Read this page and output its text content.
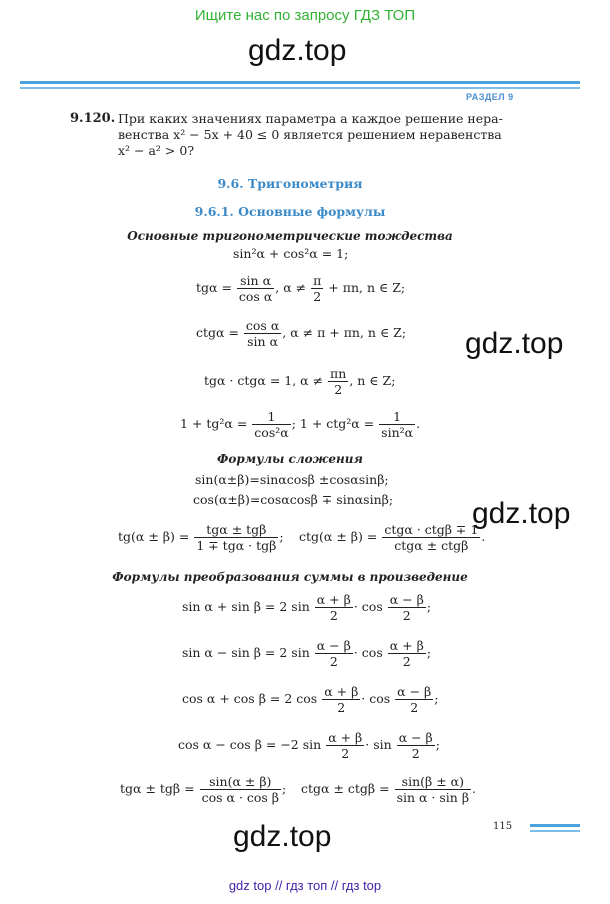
Ищите нас по запросу ГДЗ ТОП
gdz.top
РАЗДЕЛ 9
9.120. При каких значениях параметра a каждое решение нера-
венства x² − 5x + 40 ≤ 0 является решением неравенства
x² − a² > 0?
9.6. Тригонометрия
9.6.1. Основные формулы
Основные тригонометрические тождества
sin²α + cos²α = 1;
$tg\alpha = \frac{\text{sin α}}{\text{cos α}}$ , $\alpha \ne \frac{\pi}{2} + \pi n$, n ∈ Z;
$ctg\alpha = \frac{\text{cos α}}{\text{sin α}}$ , α ≠ π + πn, n ∈ Z; gdz.top
tgα · ctgα = 1, $\alpha \ne \frac{\pi n}{2}$ , n ∈ Z;
$1 + tg^2\alpha = \frac{1}{\text{cos²α}}$ ; $1 + ctg^2\alpha = \frac{1}{\text{sin²α}}$ .
Формулы сложения
sin(α±β)=sinαcosβ ±cosαsinβ;
cos(α±β)=cosαcosβ ∓ sinαsinβ;	gdz.top
$tg(\alpha \pm \beta) = \frac{\text{tgα ± tgβ}}{\text{1 ∓ tgα · tgβ}}$ ; $ctg(\alpha \pm \beta) = \frac{\text{ctgα · ctgβ ∓ 1}}{\text{ctgα ± ctgβ}}$ .
Формулы преобразования суммы в произведение
sin α + sin β = 2 $\sin \frac{\alpha + \beta}{2} \cdot \cos \frac{\alpha - \beta}{2}$ ;
sin α − sin β = 2 $\sin \frac{\alpha - \beta}{2} \cdot \cos \frac{\alpha + \beta}{2}$ ;
cos α + cos β = 2 $\cos \frac{\alpha + \beta}{2} \cdot \cos \frac{\alpha - \beta}{2}$ ;
cos α − cos β = −2 $\sin \frac{\alpha + \beta}{2} \cdot \sin \frac{\alpha - \beta}{2}$ ;
$tg\alpha \pm tg\beta = \frac{\sin(\alpha \pm \beta)}{\text{cos α · cos β}}$ ; $ctg\alpha \pm ctg\beta = \frac{\sin(\beta \pm \alpha)}{\text{sin α · sin β}}$ .
gdz.top	115
gdz top // гдз топ // гдз top
